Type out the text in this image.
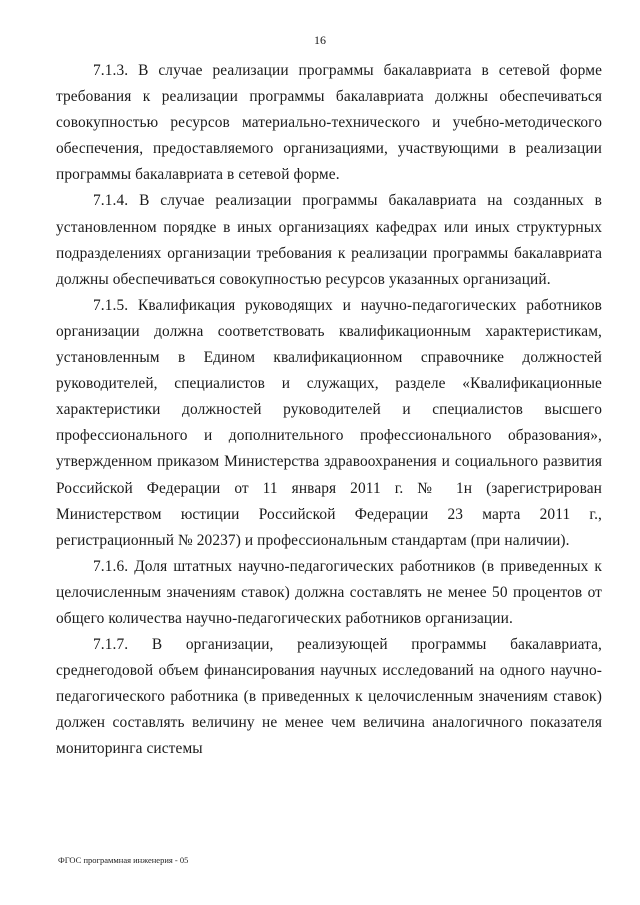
16

7.1.3. В случае реализации программы бакалавриата в сетевой форме требования к реализации программы бакалавриата должны обеспечиваться совокупностью ресурсов материально-технического и учебно-методического обеспечения, предоставляемого организациями, участвующими в реализации программы бакалавриата в сетевой форме.

7.1.4. В случае реализации программы бакалавриата на созданных в установленном порядке в иных организациях кафедрах или иных структурных подразделениях организации требования к реализации программы бакалавриата должны обеспечиваться совокупностью ресурсов указанных организаций.

7.1.5. Квалификация руководящих и научно-педагогических работников организации должна соответствовать квалификационным характеристикам, установленным в Едином квалификационном справочнике должностей руководителей, специалистов и служащих, разделе «Квалификационные характеристики должностей руководителей и специалистов высшего профессионального и дополнительного профессионального образования», утвержденном приказом Министерства здравоохранения и социального развития Российской Федерации от 11 января 2011 г. № 1н (зарегистрирован Министерством юстиции Российской Федерации 23 марта 2011 г., регистрационный № 20237) и профессиональным стандартам (при наличии).

7.1.6. Доля штатных научно-педагогических работников (в приведенных к целочисленным значениям ставок) должна составлять не менее 50 процентов от общего количества научно-педагогических работников организации.

7.1.7. В организации, реализующей программы бакалавриата, среднегодовой объем финансирования научных исследований на одного научно-педагогического работника (в приведенных к целочисленным значениям ставок) должен составлять величину не менее чем величина аналогичного показателя мониторинга системы

ФГОС программная инженерия - 05
